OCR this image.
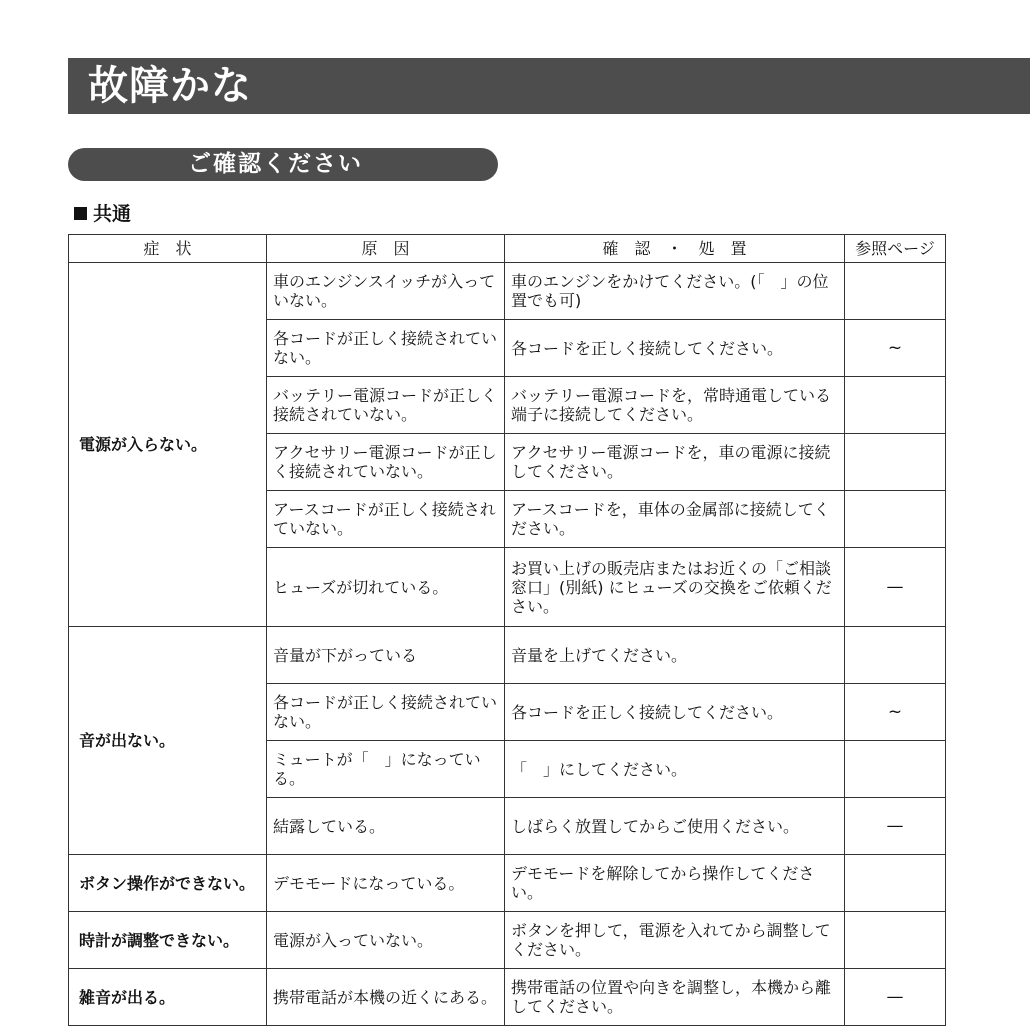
故障かな
ご確認ください
共通
症　状	原　因	確　認　・　処　置	参照ページ
電源が入らない。	車のエンジンスイッチが入っていない。	車のエンジンをかけてください。(「　」の位置でも可)	
	各コードが正しく接続されていない。	各コードを正しく接続してください。	~
	バッテリー電源コードが正しく接続されていない。	バッテリー電源コードを，常時通電している端子に接続してください。	
	アクセサリー電源コードが正しく接続されていない。	アクセサリー電源コードを，車の電源に接続してください。	
	アースコードが正しく接続されていない。	アースコードを，車体の金属部に接続してください。	
	ヒューズが切れている。	お買い上げの販売店またはお近くの「ご相談窓口」(別紙) にヒューズの交換をご依頼ください。	—
音が出ない。	音量が下がっている	音量を上げてください。	
	各コードが正しく接続されていない。	各コードを正しく接続してください。	~
	ミュートが「　」になっている。	「　」にしてください。	
	結露している。	しばらく放置してからご使用ください。	—
ボタン操作ができない。	デモモードになっている。	デモモードを解除してから操作してください。	
時計が調整できない。	電源が入っていない。	ボタンを押して，電源を入れてから調整してください。	
雑音が出る。	携帯電話が本機の近くにある。	携帯電話の位置や向きを調整し，本機から離してください。	—
